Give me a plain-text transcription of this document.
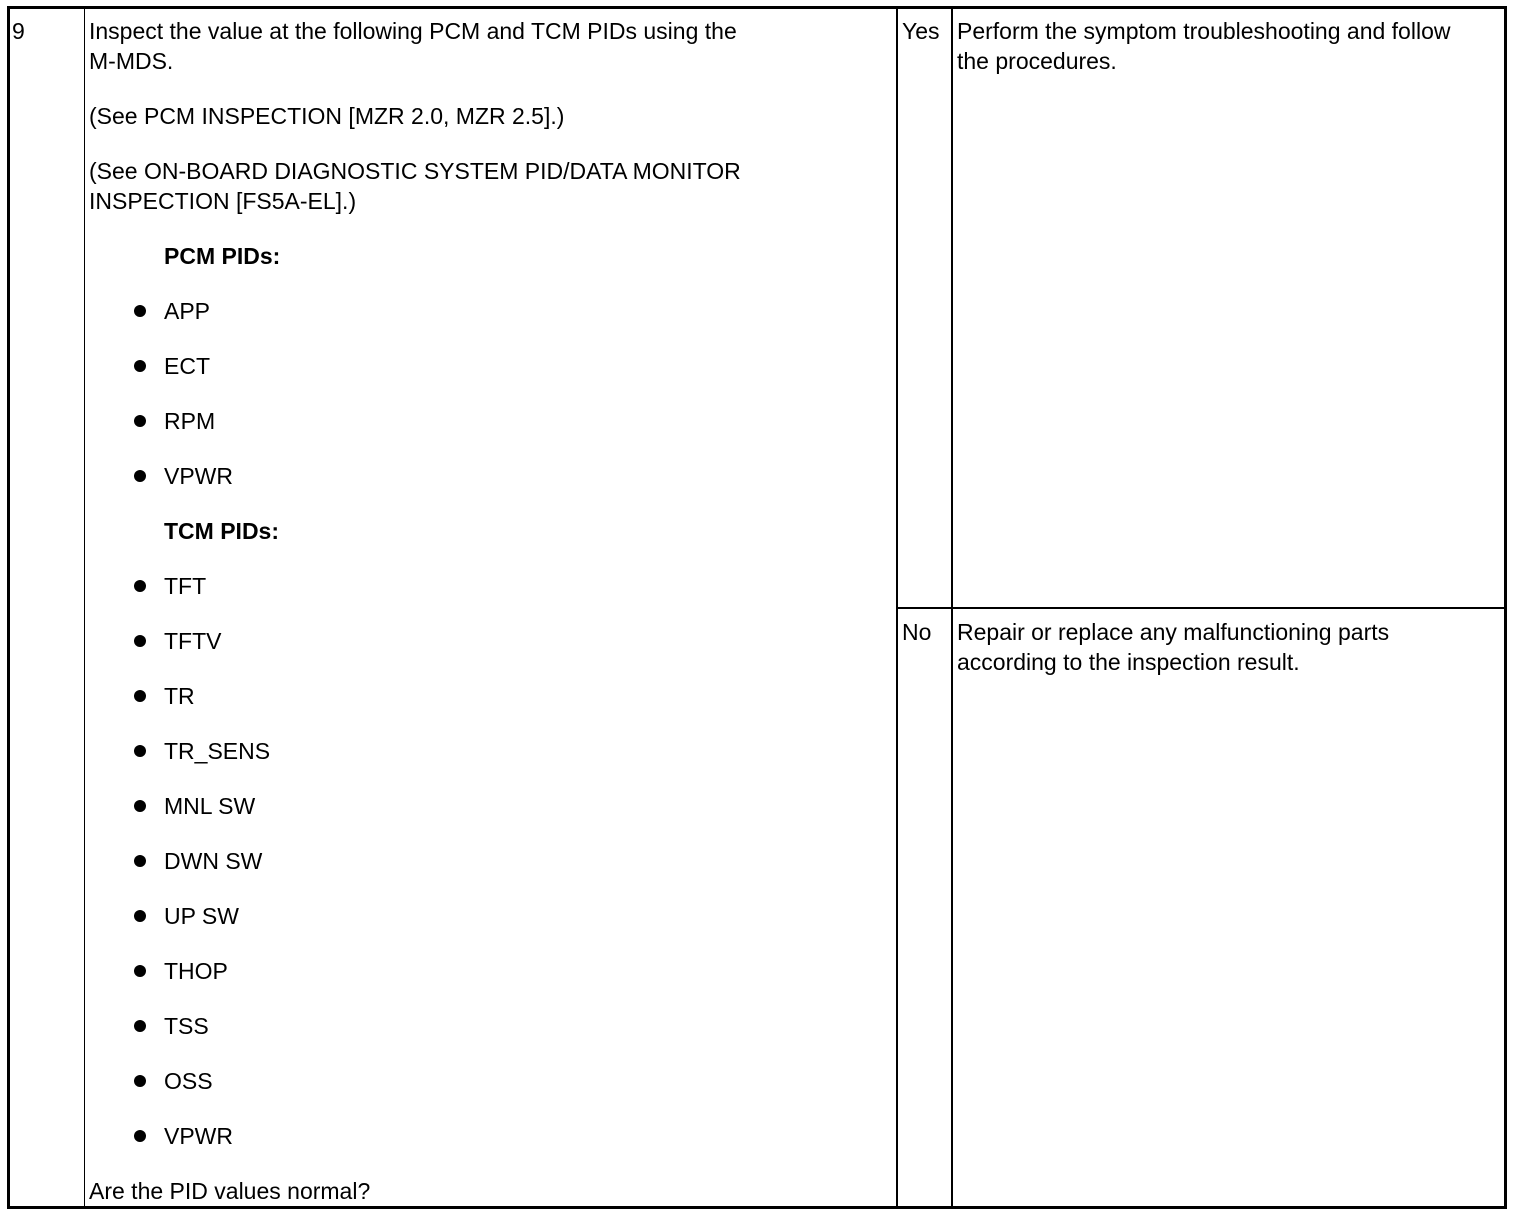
9	Inspect the value at the following PCM and TCM PIDs using the
M-MDS.

(See PCM INSPECTION [MZR 2.0, MZR 2.5].)

(See ON-BOARD DIAGNOSTIC SYSTEM PID/DATA MONITOR
INSPECTION [FS5A-EL].)

PCM PIDs:

APP

ECT

RPM

VPWR

TCM PIDs:

TFT

TFTV

TR

TR_SENS

MNL SW

DWN SW

UP SW

THOP

TSS

OSS

VPWR

Are the PID values normal?

Yes Perform the symptom troubleshooting and follow
the procedures.
No Repair or replace any malfunctioning parts
according to the inspection result.
